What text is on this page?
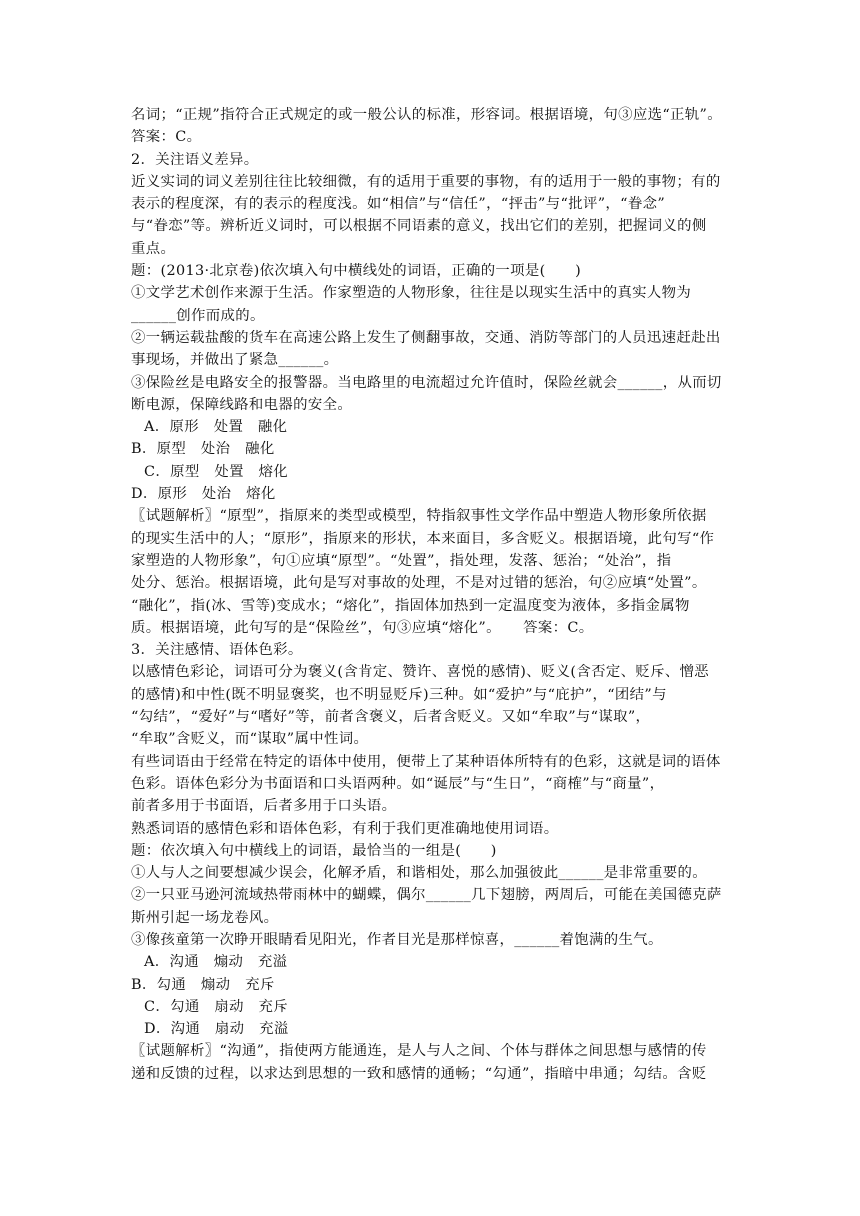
名词；“正规”指符合正式规定的或一般公认的标准，形容词。根据语境，句③应选“正轨”。
答案：C。
2．关注语义差异。
近义实词的词义差别往往比较细微，有的适用于重要的事物，有的适用于一般的事物；有的
表示的程度深，有的表示的程度浅。如“相信”与“信任”，“抨击”与“批评”，“眷念”
与“眷恋”等。辨析近义词时，可以根据不同语素的意义，找出它们的差别，把握词义的侧
重点。
题：(2013·北京卷)依次填入句中横线处的词语，正确的一项是(　　)
①文学艺术创作来源于生活。作家塑造的人物形象，往往是以现实生活中的真实人物为
______创作而成的。
②一辆运载盐酸的货车在高速公路上发生了侧翻事故，交通、消防等部门的人员迅速赶赴出
事现场，并做出了紧急______。
③保险丝是电路安全的报警器。当电路里的电流超过允许值时，保险丝就会______，从而切
断电源，保障线路和电器的安全。
A．原形　处置　融化
B．原型　处治　融化
C．原型　处置　熔化
D．原形　处治　熔化
〖试题解析〗“原型”，指原来的类型或模型，特指叙事性文学作品中塑造人物形象所依据
的现实生活中的人；“原形”，指原来的形状，本来面目，多含贬义。根据语境，此句写“作
家塑造的人物形象”，句①应填“原型”。“处置”，指处理，发落、惩治；“处治”，指
处分、惩治。根据语境，此句是写对事故的处理，不是对过错的惩治，句②应填“处置”。
“融化”，指(冰、雪等)变成水；“熔化”，指固体加热到一定温度变为液体，多指金属物
质。根据语境，此句写的是“保险丝”，句③应填“熔化”。　　答案：C。
3．关注感情、语体色彩。
以感情色彩论，词语可分为褒义(含肯定、赞许、喜悦的感情)、贬义(含否定、贬斥、憎恶
的感情)和中性(既不明显褒奖，也不明显贬斥)三种。如“爱护”与“庇护”，“团结”与
“勾结”，“爱好”与“嗜好”等，前者含褒义，后者含贬义。又如“牟取”与“谋取”，
“牟取”含贬义，而“谋取”属中性词。
有些词语由于经常在特定的语体中使用，便带上了某种语体所特有的色彩，这就是词的语体
色彩。语体色彩分为书面语和口头语两种。如“诞辰”与“生日”，“商榷”与“商量”，
前者多用于书面语，后者多用于口头语。
熟悉词语的感情色彩和语体色彩，有利于我们更准确地使用词语。
题：依次填入句中横线上的词语，最恰当的一组是(　　)
①人与人之间要想减少误会，化解矛盾，和谐相处，那么加强彼此______是非常重要的。
②一只亚马逊河流域热带雨林中的蝴蝶，偶尔______几下翅膀，两周后，可能在美国德克萨
斯州引起一场龙卷风。
③像孩童第一次睁开眼睛看见阳光，作者目光是那样惊喜，______着饱满的生气。
A．沟通　煽动　充溢
B．勾通　煽动　充斥
C．勾通　扇动　充斥
D．沟通　扇动　充溢
〖试题解析〗“沟通”，指使两方能通连，是人与人之间、个体与群体之间思想与感情的传
递和反馈的过程，以求达到思想的一致和感情的通畅；“勾通”，指暗中串通；勾结。含贬
